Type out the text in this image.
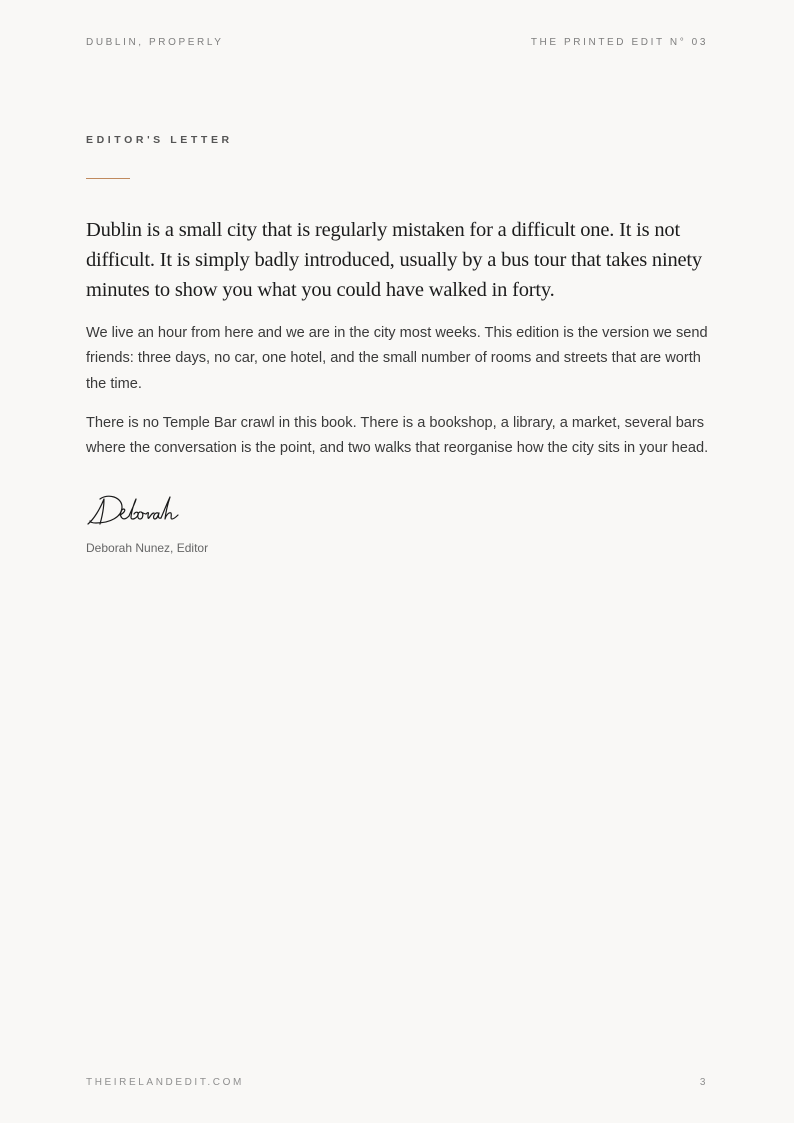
DUBLIN, PROPERLY	THE PRINTED EDIT N° 03

EDITOR'S LETTER

Dublin is a small city that is regularly mistaken for a difficult one. It is not difficult. It is simply badly introduced, usually by a bus tour that takes ninety minutes to show you what you could have walked in forty.

We live an hour from here and we are in the city most weeks. This edition is the version we send friends: three days, no car, one hotel, and the small number of rooms and streets that are worth the time.

There is no Temple Bar crawl in this book. There is a bookshop, a library, a market, several bars where the conversation is the point, and two walks that reorganise how the city sits in your head.

Deborah Nunez, Editor
THEIRELANDEDIT.COM	3
